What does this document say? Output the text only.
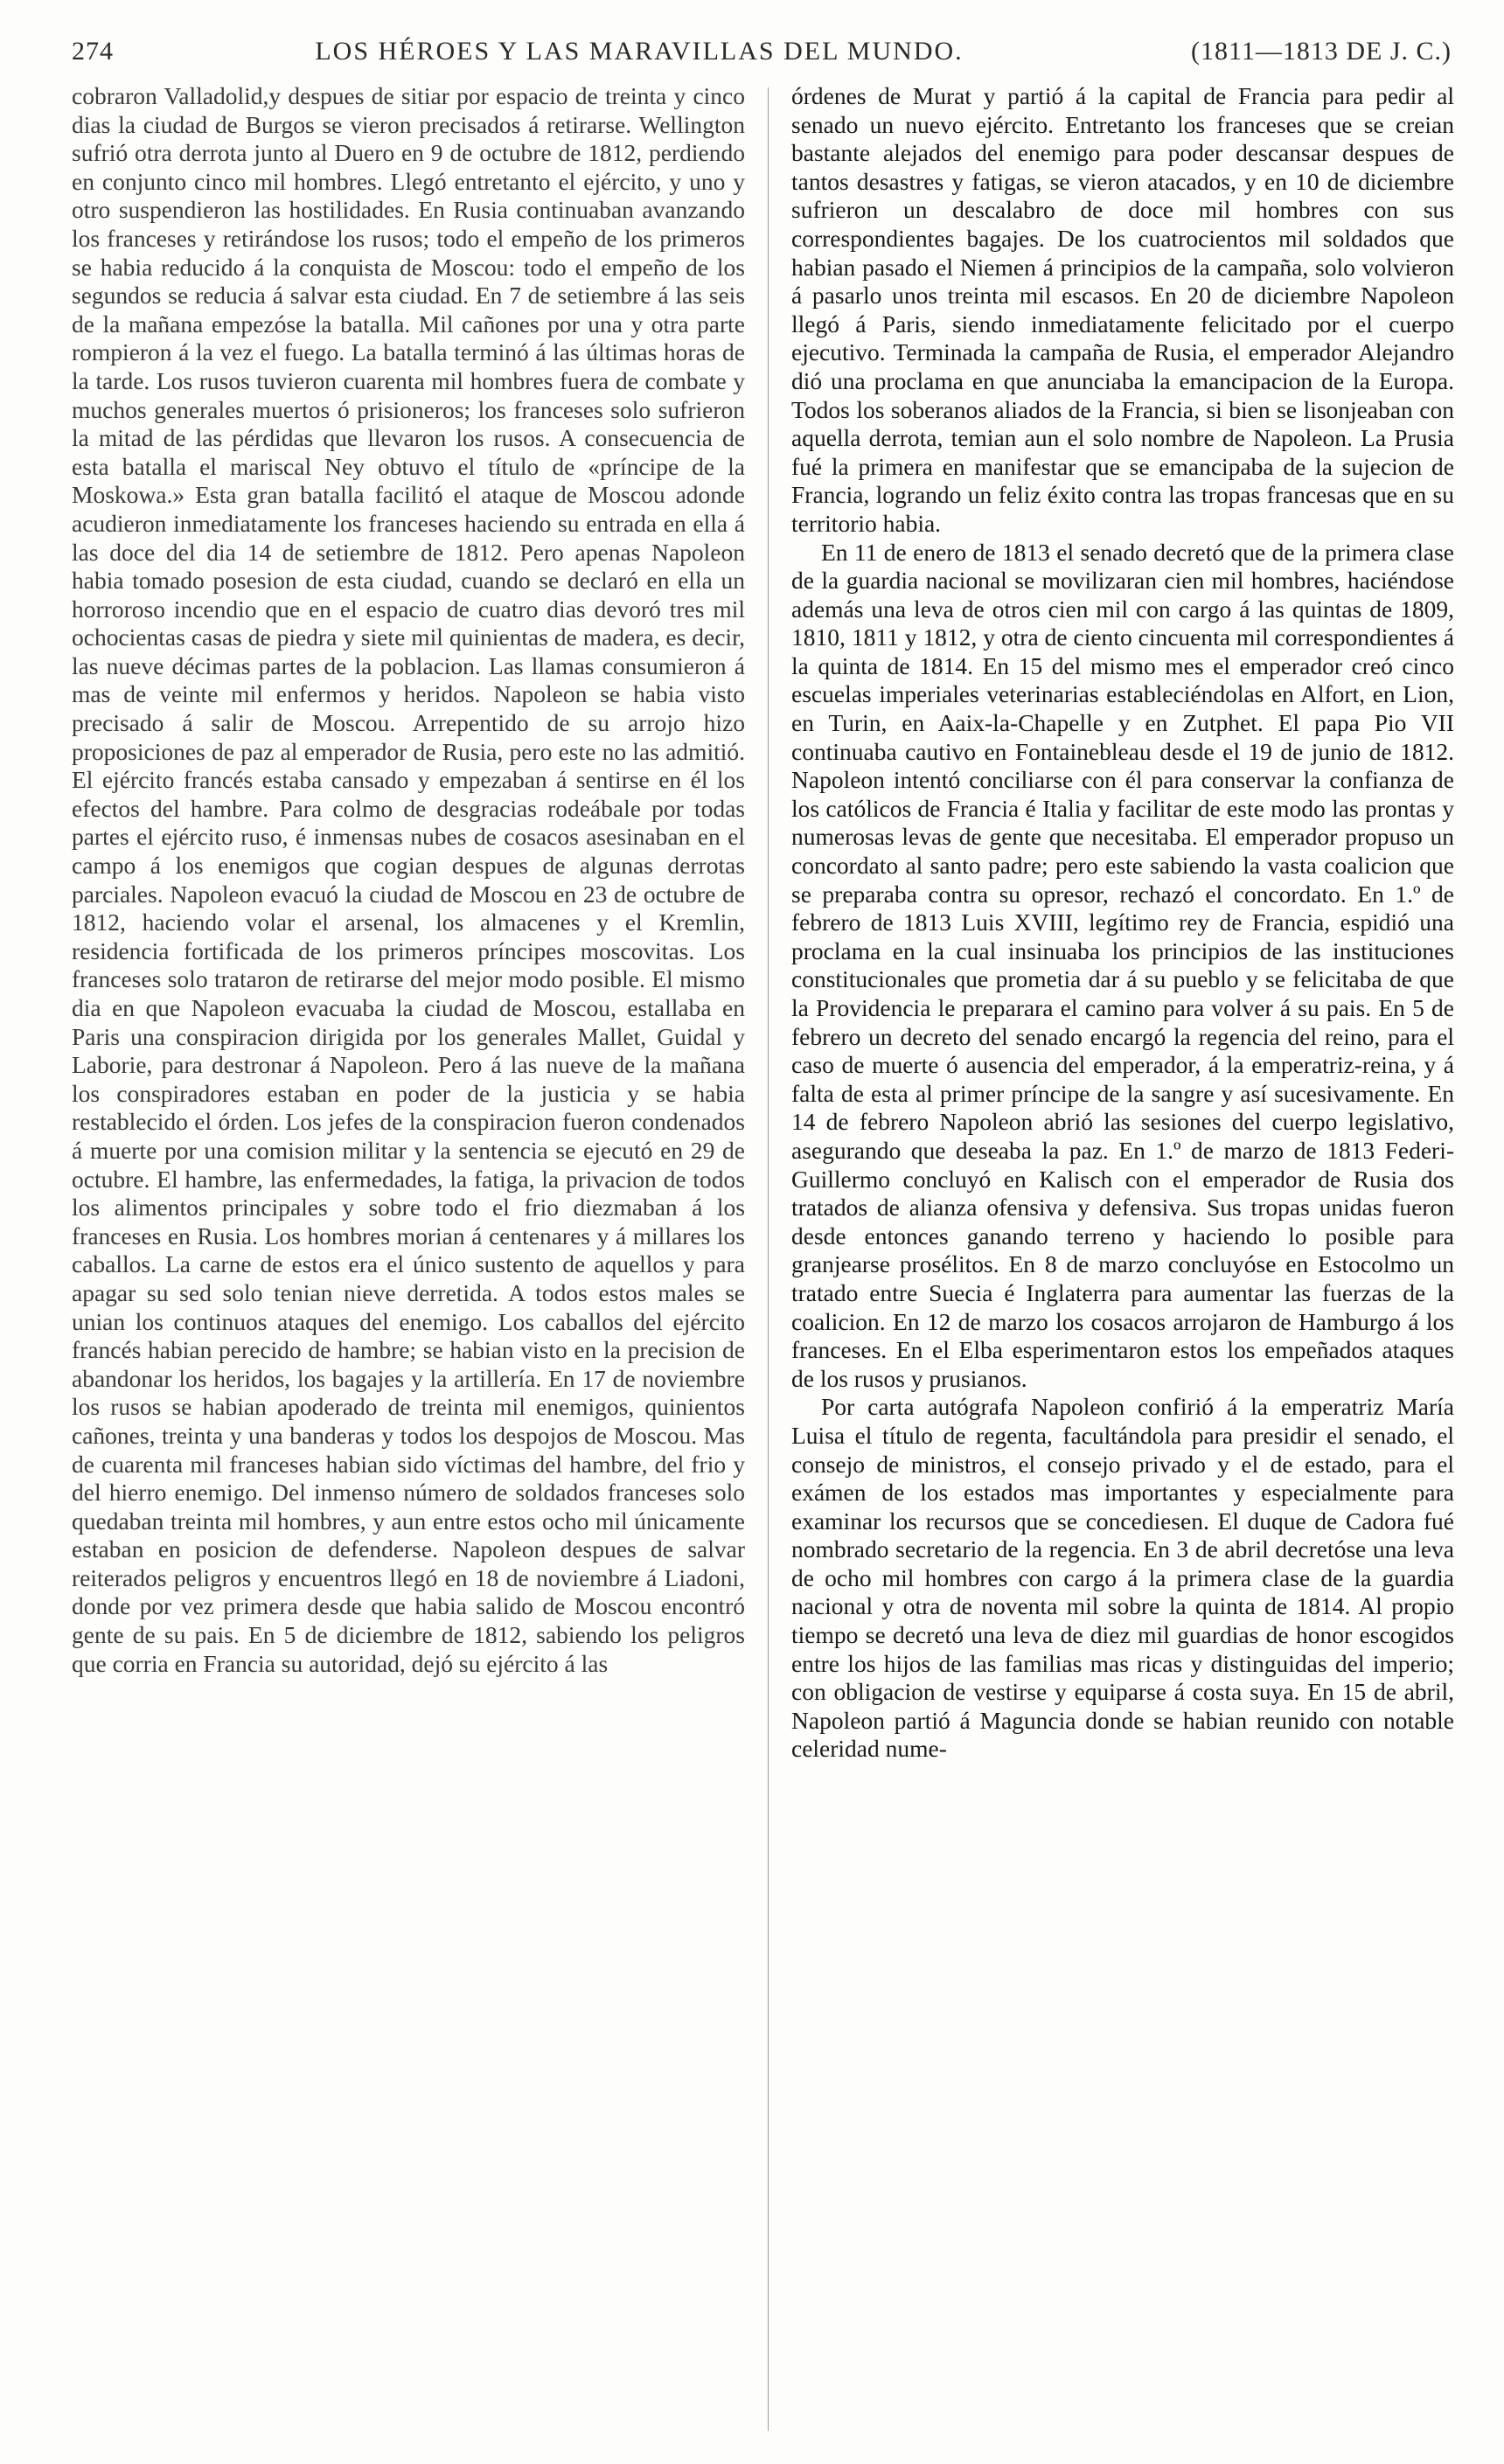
274	LOS HÉROES Y LAS MARAVILLAS DEL MUNDO.	(1811—1813 DE J. C.)

cobraron Valladolid,y despues de sitiar por espacio de treinta y cinco dias la ciudad de Burgos se vieron precisados á retirarse. Wellington sufrió otra derrota junto al Duero en 9 de octubre de 1812, perdiendo en conjunto cinco mil hombres. Llegó entretanto el ejército, y uno y otro suspendieron las hostilidades. En Rusia continuaban avanzando los franceses y retirándose los rusos; todo el empeño de los primeros se habia reducido á la conquista de Moscou: todo el empeño de los segundos se reducia á salvar esta ciudad. En 7 de setiembre á las seis de la mañana empezóse la batalla. Mil cañones por una y otra parte rompieron á la vez el fuego. La batalla terminó á las últimas horas de la tarde. Los rusos tuvieron cuarenta mil hombres fuera de combate y muchos generales muertos ó prisioneros; los franceses solo sufrieron la mitad de las pérdidas que llevaron los rusos. A consecuencia de esta batalla el mariscal Ney obtuvo el título de «príncipe de la Moskowa.» Esta gran batalla facilitó el ataque de Moscou adonde acudieron inmediatamente los franceses haciendo su entrada en ella á las doce del dia 14 de setiembre de 1812. Pero apenas Napoleon habia tomado posesion de esta ciudad, cuando se declaró en ella un horroroso incendio que en el espacio de cuatro dias devoró tres mil ochocientas casas de piedra y siete mil quinientas de madera, es decir, las nueve décimas partes de la poblacion. Las llamas consumieron á mas de veinte mil enfermos y heridos. Napoleon se habia visto precisado á salir de Moscou. Arrepentido de su arrojo hizo proposiciones de paz al emperador de Rusia, pero este no las admitió. El ejército francés estaba cansado y empezaban á sentirse en él los efectos del hambre. Para colmo de desgracias rodeábale por todas partes el ejército ruso, é inmensas nubes de cosacos asesinaban en el campo á los enemigos que cogian despues de algunas derrotas parciales. Napoleon evacuó la ciudad de Moscou en 23 de octubre de 1812, haciendo volar el arsenal, los almacenes y el Kremlin, residencia fortificada de los primeros príncipes moscovitas. Los franceses solo trataron de retirarse del mejor modo posible. El mismo dia en que Napoleon evacuaba la ciudad de Moscou, estallaba en Paris una conspiracion dirigida por los generales Mallet, Guidal y Laborie, para destronar á Napoleon. Pero á las nueve de la mañana los conspiradores estaban en poder de la justicia y se habia restablecido el órden. Los jefes de la conspiracion fueron condenados á muerte por una comision militar y la sentencia se ejecutó en 29 de octubre. El hambre, las enfermedades, la fatiga, la privacion de todos los alimentos principales y sobre todo el frio diezmaban á los franceses en Rusia. Los hombres morian á centenares y á millares los caballos. La carne de estos era el único sustento de aquellos y para apagar su sed solo tenian nieve derretida. A todos estos males se unian los continuos ataques del enemigo. Los caballos del ejército francés habian perecido de hambre; se habian visto en la precision de abandonar los heridos, los bagajes y la artillería. En 17 de noviembre los rusos se habian apoderado de treinta mil enemigos, quinientos cañones, treinta y una banderas y todos los despojos de Moscou. Mas de cuarenta mil franceses habian sido víctimas del hambre, del frio y del hierro enemigo. Del inmenso número de soldados franceses solo quedaban treinta mil hombres, y aun entre estos ocho mil únicamente estaban en posicion de defenderse. Napoleon despues de salvar reiterados peligros y encuentros llegó en 18 de noviembre á Liadoni, donde por vez primera desde que habia salido de Moscou encontró gente de su pais. En 5 de diciembre de 1812, sabiendo los peligros que corria en Francia su autoridad, dejó su ejército á las

órdenes de Murat y partió á la capital de Francia para pedir al senado un nuevo ejército. Entretanto los franceses que se creian bastante alejados del enemigo para poder descansar despues de tantos desastres y fatigas, se vieron atacados, y en 10 de diciembre sufrieron un descalabro de doce mil hombres con sus correspondientes bagajes. De los cuatrocientos mil soldados que habian pasado el Niemen á principios de la campaña, solo volvieron á pasarlo unos treinta mil escasos. En 20 de diciembre Napoleon llegó á Paris, siendo inmediatamente felicitado por el cuerpo ejecutivo. Terminada la campaña de Rusia, el emperador Alejandro dió una proclama en que anunciaba la emancipacion de la Europa. Todos los soberanos aliados de la Francia, si bien se lisonjeaban con aquella derrota, temian aun el solo nombre de Napoleon. La Prusia fué la primera en manifestar que se emancipaba de la sujecion de Francia, logrando un feliz éxito contra las tropas francesas que en su territorio habia.

En 11 de enero de 1813 el senado decretó que de la primera clase de la guardia nacional se movilizaran cien mil hombres, haciéndose además una leva de otros cien mil con cargo á las quintas de 1809, 1810, 1811 y 1812, y otra de ciento cincuenta mil correspondientes á la quinta de 1814. En 15 del mismo mes el emperador creó cinco escuelas imperiales veterinarias estableciéndolas en Alfort, en Lion, en Turin, en Aaix-la-Chapelle y en Zutphet. El papa Pio VII continuaba cautivo en Fontainebleau desde el 19 de junio de 1812. Napoleon intentó conciliarse con él para conservar la confianza de los católicos de Francia é Italia y facilitar de este modo las prontas y numerosas levas de gente que necesitaba. El emperador propuso un concordato al santo padre; pero este sabiendo la vasta coalicion que se preparaba contra su opresor, rechazó el concordato. En 1.º de febrero de 1813 Luis XVIII, legítimo rey de Francia, espidió una proclama en la cual insinuaba los principios de las instituciones constitucionales que prometia dar á su pueblo y se felicitaba de que la Providencia le preparara el camino para volver á su pais. En 5 de febrero un decreto del senado encargó la regencia del reino, para el caso de muerte ó ausencia del emperador, á la emperatriz-reina, y á falta de esta al primer príncipe de la sangre y así sucesivamente. En 14 de febrero Napoleon abrió las sesiones del cuerpo legislativo, asegurando que deseaba la paz. En 1.º de marzo de 1813 Federi-Guillermo concluyó en Kalisch con el emperador de Rusia dos tratados de alianza ofensiva y defensiva. Sus tropas unidas fueron desde entonces ganando terreno y haciendo lo posible para granjearse prosélitos. En 8 de marzo concluyóse en Estocolmo un tratado entre Suecia é Inglaterra para aumentar las fuerzas de la coalicion. En 12 de marzo los cosacos arrojaron de Hamburgo á los franceses. En el Elba esperimentaron estos los empeñados ataques de los rusos y prusianos.

Por carta autógrafa Napoleon confirió á la emperatriz María Luisa el título de regenta, facultándola para presidir el senado, el consejo de ministros, el consejo privado y el de estado, para el exámen de los estados mas importantes y especialmente para examinar los recursos que se concediesen. El duque de Cadora fué nombrado secretario de la regencia. En 3 de abril decretóse una leva de ocho mil hombres con cargo á la primera clase de la guardia nacional y otra de noventa mil sobre la quinta de 1814. Al propio tiempo se decretó una leva de diez mil guardias de honor escogidos entre los hijos de las familias mas ricas y distinguidas del imperio; con obligacion de vestirse y equiparse á costa suya. En 15 de abril, Napoleon partió á Maguncia donde se habian reunido con notable celeridad nume-
